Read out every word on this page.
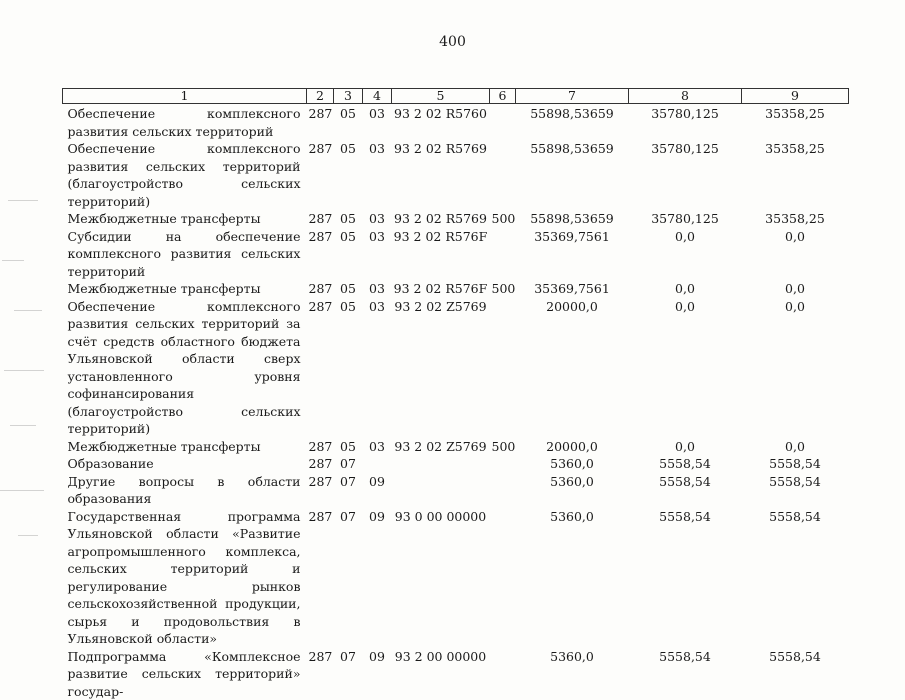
400
1	2	3	4	5	6	7	8	9
Обеспечение комплексного развития сельских территорий	287	05	03	93 2 02 R5760		55898,53659	35780,125	35358,25
Обеспечение комплексного развития сельских территорий (благоустройство сельских территорий)	287	05	03	93 2 02 R5769		55898,53659	35780,125	35358,25
Межбюджетные трансферты	287	05	03	93 2 02 R5769	500	55898,53659	35780,125	35358,25
Субсидии на обеспечение комплексного развития сельских территорий	287	05	03	93 2 02 R576F		35369,7561	0,0	0,0
Межбюджетные трансферты	287	05	03	93 2 02 R576F	500	35369,7561	0,0	0,0
Обеспечение комплексного развития сельских территорий за счёт средств областного бюджета Ульяновской области сверх установленного уровня софинансирования (благоустройство сельских территорий)	287	05	03	93 2 02 Z5769		20000,0	0,0	0,0
Межбюджетные трансферты	287	05	03	93 2 02 Z5769	500	20000,0	0,0	0,0
Образование	287	07				5360,0	5558,54	5558,54
Другие вопросы в области образования	287	07	09			5360,0	5558,54	5558,54
Государственная программа Ульяновской области «Развитие агропромышленного комплекса, сельских территорий и регулирование рынков сельскохозяйственной продукции, сырья и продовольствия в Ульяновской области»	287	07	09	93 0 00 00000		5360,0	5558,54	5558,54
Подпрограмма «Комплексное развитие сельских территорий» государ-	287	07	09	93 2 00 00000		5360,0	5558,54	5558,54
